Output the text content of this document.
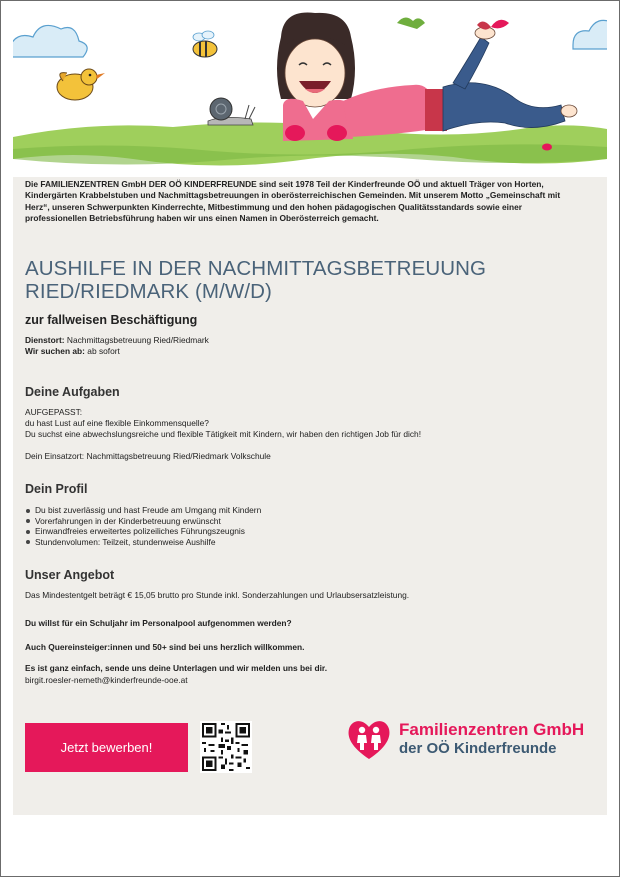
Die FAMILIENZENTREN GmbH DER OÖ KINDERFREUNDE sind seit 1978 Teil der Kinderfreunde OÖ und aktuell Träger von Horten, Kindergärten Krabbelstuben und Nachmittagsbetreuungen in oberösterreichischen Gemeinden. Mit unserem Motto „Gemeinschaft mit Herz“, unseren Schwerpunkten Kinderrechte, Mitbestimmung und den hohen pädagogischen Qualitätsstandards sowie einer professionellen Betriebsführung haben wir uns einen Namen in Oberösterreich gemacht.
AUSHILFE IN DER NACHMITTAGSBETREUUNG
RIED/RIEDMARK (M/W/D)
zur fallweisen Beschäftigung
Dienstort: Nachmittagsbetreuung Ried/Riedmark
Wir suchen ab: ab sofort
Deine Aufgaben
AUFGEPASST:
du hast Lust auf eine flexible Einkommensquelle?
Du suchst eine abwechslungsreiche und flexible Tätigkeit mit Kindern, wir haben den richtigen Job für dich!
Dein Einsatzort: Nachmittagsbetreuung Ried/Riedmark Volkschule
Dein Profil
Du bist zuverlässig und hast Freude am Umgang mit Kindern
Vorerfahrungen in der Kinderbetreuung erwünscht
Einwandfreies erweitertes polizeiliches Führungszeugnis
Stundenvolumen: Teilzeit, stundenweise Aushilfe
Unser Angebot
Das Mindestentgelt beträgt € 15,05 brutto pro Stunde inkl. Sonderzahlungen und Urlaubsersatzleistung.
Du willst für ein Schuljahr im Personalpool aufgenommen werden?
Auch Quereinsteiger:innen und 50+ sind bei uns herzlich willkommen.
Es ist ganz einfach, sende uns deine Unterlagen und wir melden uns bei dir.
birgit.roesler-nemeth@kinderfreunde-ooe.at
Jetzt bewerben!
Familienzentren GmbH
der OÖ Kinderfreunde
